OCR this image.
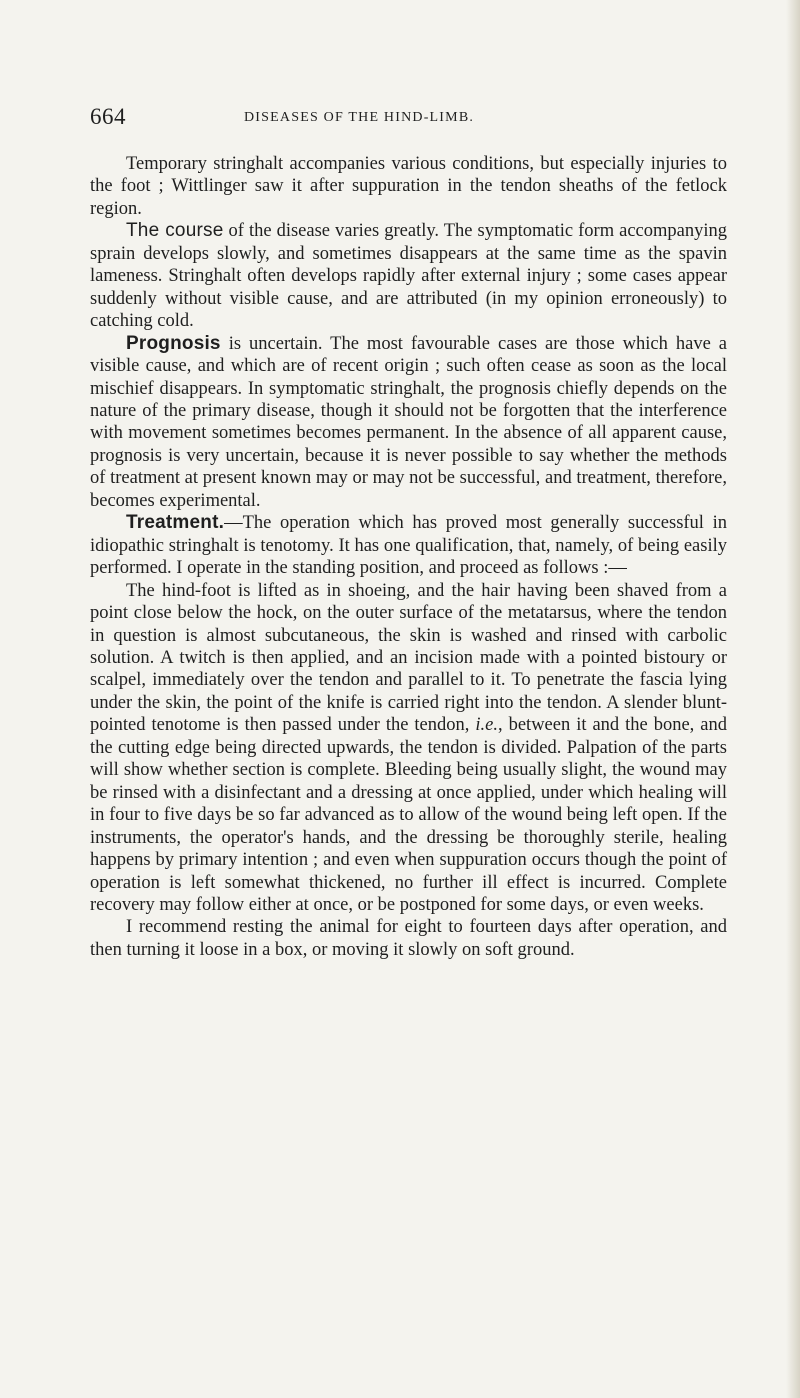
664	DISEASES OF THE HIND-LIMB.

Temporary stringhalt accompanies various conditions, but especially injuries to the foot ; Wittlinger saw it after suppuration in the tendon sheaths of the fetlock region.

The course of the disease varies greatly. The symptomatic form accompanying sprain develops slowly, and sometimes disappears at the same time as the spavin lameness. Stringhalt often develops rapidly after external injury ; some cases appear suddenly without visible cause, and are attributed (in my opinion erroneously) to catching cold.

Prognosis is uncertain. The most favourable cases are those which have a visible cause, and which are of recent origin ; such often cease as soon as the local mischief disappears. In symptomatic stringhalt, the prognosis chiefly depends on the nature of the primary disease, though it should not be forgotten that the interference with movement sometimes becomes permanent. In the absence of all apparent cause, prognosis is very uncertain, because it is never possible to say whether the methods of treatment at present known may or may not be successful, and treatment, therefore, becomes experimental.

Treatment.—The operation which has proved most generally successful in idiopathic stringhalt is tenotomy. It has one qualification, that, namely, of being easily performed. I operate in the standing position, and proceed as follows :—

The hind-foot is lifted as in shoeing, and the hair having been shaved from a point close below the hock, on the outer surface of the metatarsus, where the tendon in question is almost subcutaneous, the skin is washed and rinsed with carbolic solution. A twitch is then applied, and an incision made with a pointed bistoury or scalpel, immediately over the tendon and parallel to it. To penetrate the fascia lying under the skin, the point of the knife is carried right into the tendon. A slender blunt-pointed tenotome is then passed under the tendon, i.e., between it and the bone, and the cutting edge being directed upwards, the tendon is divided. Palpation of the parts will show whether section is complete. Bleeding being usually slight, the wound may be rinsed with a disinfectant and a dressing at once applied, under which healing will in four to five days be so far advanced as to allow of the wound being left open. If the instruments, the operator's hands, and the dressing be thoroughly sterile, healing happens by primary intention ; and even when suppuration occurs though the point of operation is left somewhat thickened, no further ill effect is incurred. Complete recovery may follow either at once, or be postponed for some days, or even weeks.

I recommend resting the animal for eight to fourteen days after operation, and then turning it loose in a box, or moving it slowly on soft ground.
